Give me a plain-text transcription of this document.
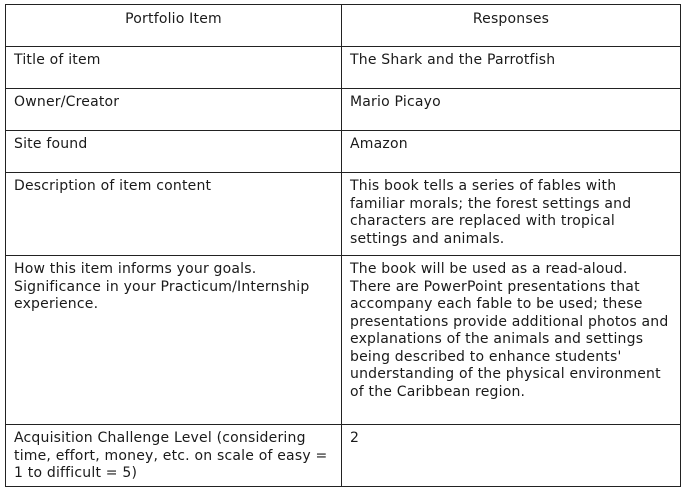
Portfolio Item	Responses
Title of item	The Shark and the Parrotfish
Owner/Creator	Mario Picayo
Site found	Amazon
Description of item content	This book tells a series of fables with familiar morals; the forest settings and characters are replaced with tropical settings and animals.
How this item informs your goals. Significance in your Practicum/Internship experience.	The book will be used as a read-aloud. There are PowerPoint presentations that accompany each fable to be used; these presentations provide additional photos and explanations of the animals and settings being described to enhance students' understanding of the physical environment of the Caribbean region.
Acquisition Challenge Level (considering time, effort, money, etc. on scale of easy = 1 to difficult = 5)	2
